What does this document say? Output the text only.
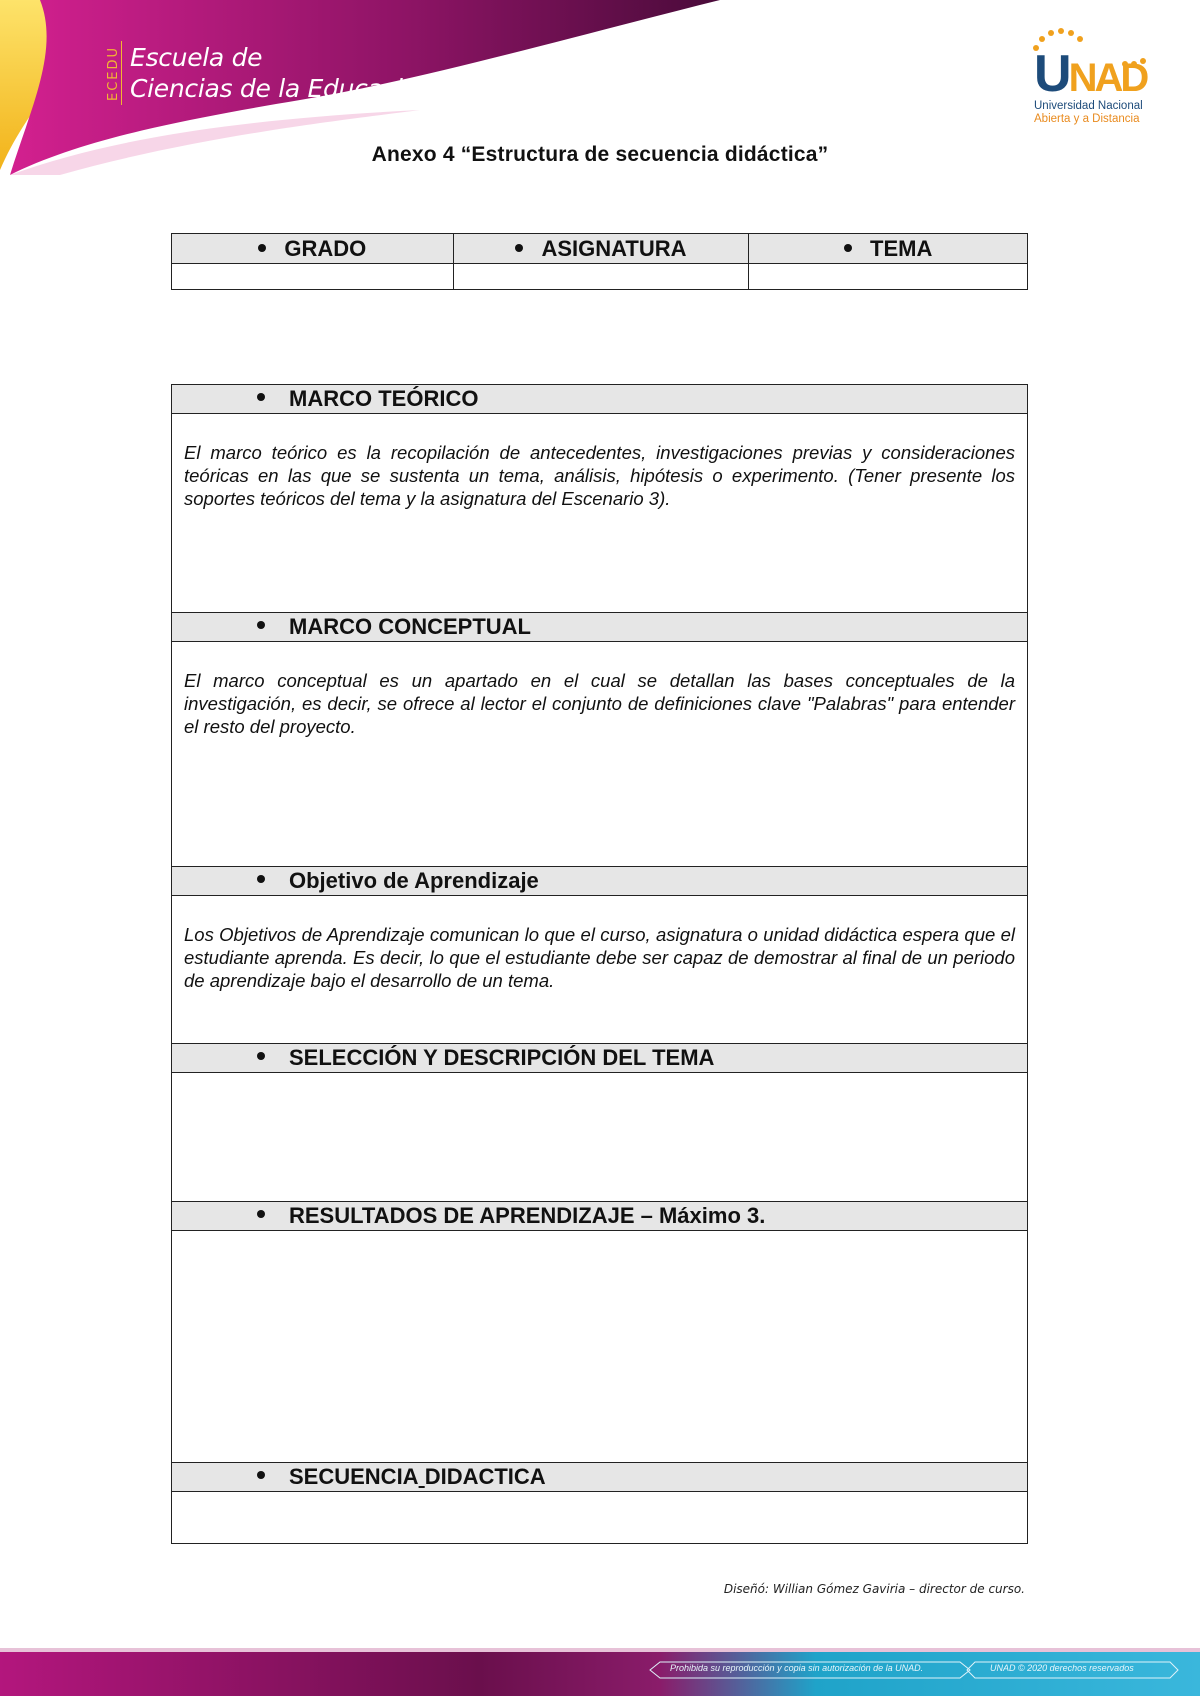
ECEDU Escuela de
Ciencias de la Educación	UNAD
Universidad Nacional
Abierta y a Distancia
Anexo 4 “Estructura de secuencia didáctica”
GRADO	ASIGNATURA	TEMA

MARCO TEÓRICO
El marco teórico es la recopilación de antecedentes, investigaciones previas y consideraciones teóricas en las que se sustenta un tema, análisis, hipótesis o experimento. (Tener presente los soportes teóricos del tema y la asignatura del Escenario 3).
MARCO CONCEPTUAL
El marco conceptual es un apartado en el cual se detallan las bases conceptuales de la investigación, es decir, se ofrece al lector el conjunto de definiciones clave "Palabras" para entender el resto del proyecto.
Objetivo de Aprendizaje
Los Objetivos de Aprendizaje comunican lo que el curso, asignatura o unidad didáctica espera que el estudiante aprenda. Es decir, lo que el estudiante debe ser capaz de demostrar al final de un periodo de aprendizaje bajo el desarrollo de un tema.
SELECCIÓN Y DESCRIPCIÓN DEL TEMA
RESULTADOS DE APRENDIZAJE – Máximo 3.
SECUENCIA
DIDACTICA
Diseñó: Willian Gómez Gaviria – director de curso.
Prohibida su reproducción y copia sin autorización de la UNAD.	UNAD © 2020 derechos reservados
